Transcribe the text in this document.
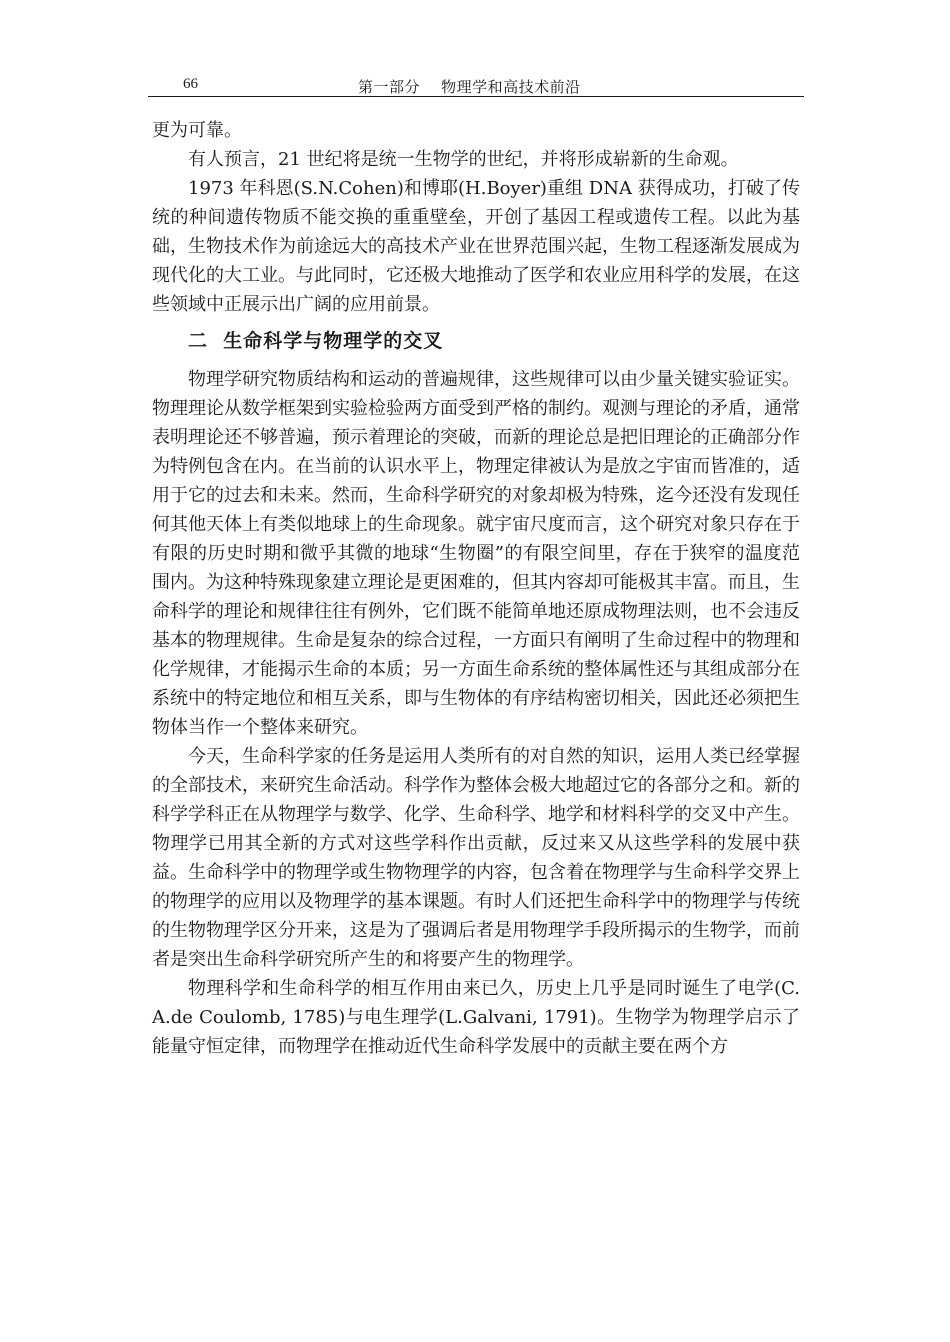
66	第一部分    物理学和高技术前沿

更为可靠。

有人预言，21 世纪将是统一生物学的世纪，并将形成崭新的生命观。

1973 年科恩(S.N.Cohen)和博耶(H.Boyer)重组 DNA 获得成功，打破了传统的种间遗传物质不能交换的重重壁垒，开创了基因工程或遗传工程。以此为基础，生物技术作为前途远大的高技术产业在世界范围兴起，生物工程逐渐发展成为现代化的大工业。与此同时，它还极大地推动了医学和农业应用科学的发展，在这些领域中正展示出广阔的应用前景。

二  生命科学与物理学的交叉

物理学研究物质结构和运动的普遍规律，这些规律可以由少量关键实验证实。物理理论从数学框架到实验检验两方面受到严格的制约。观测与理论的矛盾，通常表明理论还不够普遍，预示着理论的突破，而新的理论总是把旧理论的正确部分作为特例包含在内。在当前的认识水平上，物理定律被认为是放之宇宙而皆准的，适用于它的过去和未来。然而，生命科学研究的对象却极为特殊，迄今还没有发现任何其他天体上有类似地球上的生命现象。就宇宙尺度而言，这个研究对象只存在于有限的历史时期和微乎其微的地球“生物圈”的有限空间里，存在于狭窄的温度范围内。为这种特殊现象建立理论是更困难的，但其内容却可能极其丰富。而且，生命科学的理论和规律往往有例外，它们既不能简单地还原成物理法则，也不会违反基本的物理规律。生命是复杂的综合过程，一方面只有阐明了生命过程中的物理和化学规律，才能揭示生命的本质；另一方面生命系统的整体属性还与其组成部分在系统中的特定地位和相互关系，即与生物体的有序结构密切相关，因此还必须把生物体当作一个整体来研究。

今天，生命科学家的任务是运用人类所有的对自然的知识，运用人类已经掌握的全部技术，来研究生命活动。科学作为整体会极大地超过它的各部分之和。新的科学学科正在从物理学与数学、化学、生命科学、地学和材料科学的交叉中产生。物理学已用其全新的方式对这些学科作出贡献，反过来又从这些学科的发展中获益。生命科学中的物理学或生物物理学的内容，包含着在物理学与生命科学交界上的物理学的应用以及物理学的基本课题。有时人们还把生命科学中的物理学与传统的生物物理学区分开来，这是为了强调后者是用物理学手段所揭示的生物学，而前者是突出生命科学研究所产生的和将要产生的物理学。

物理科学和生命科学的相互作用由来已久，历史上几乎是同时诞生了电学(C.A.de Coulomb, 1785)与电生理学(L.Galvani, 1791)。生物学为物理学启示了能量守恒定律，而物理学在推动近代生命科学发展中的贡献主要在两个方
